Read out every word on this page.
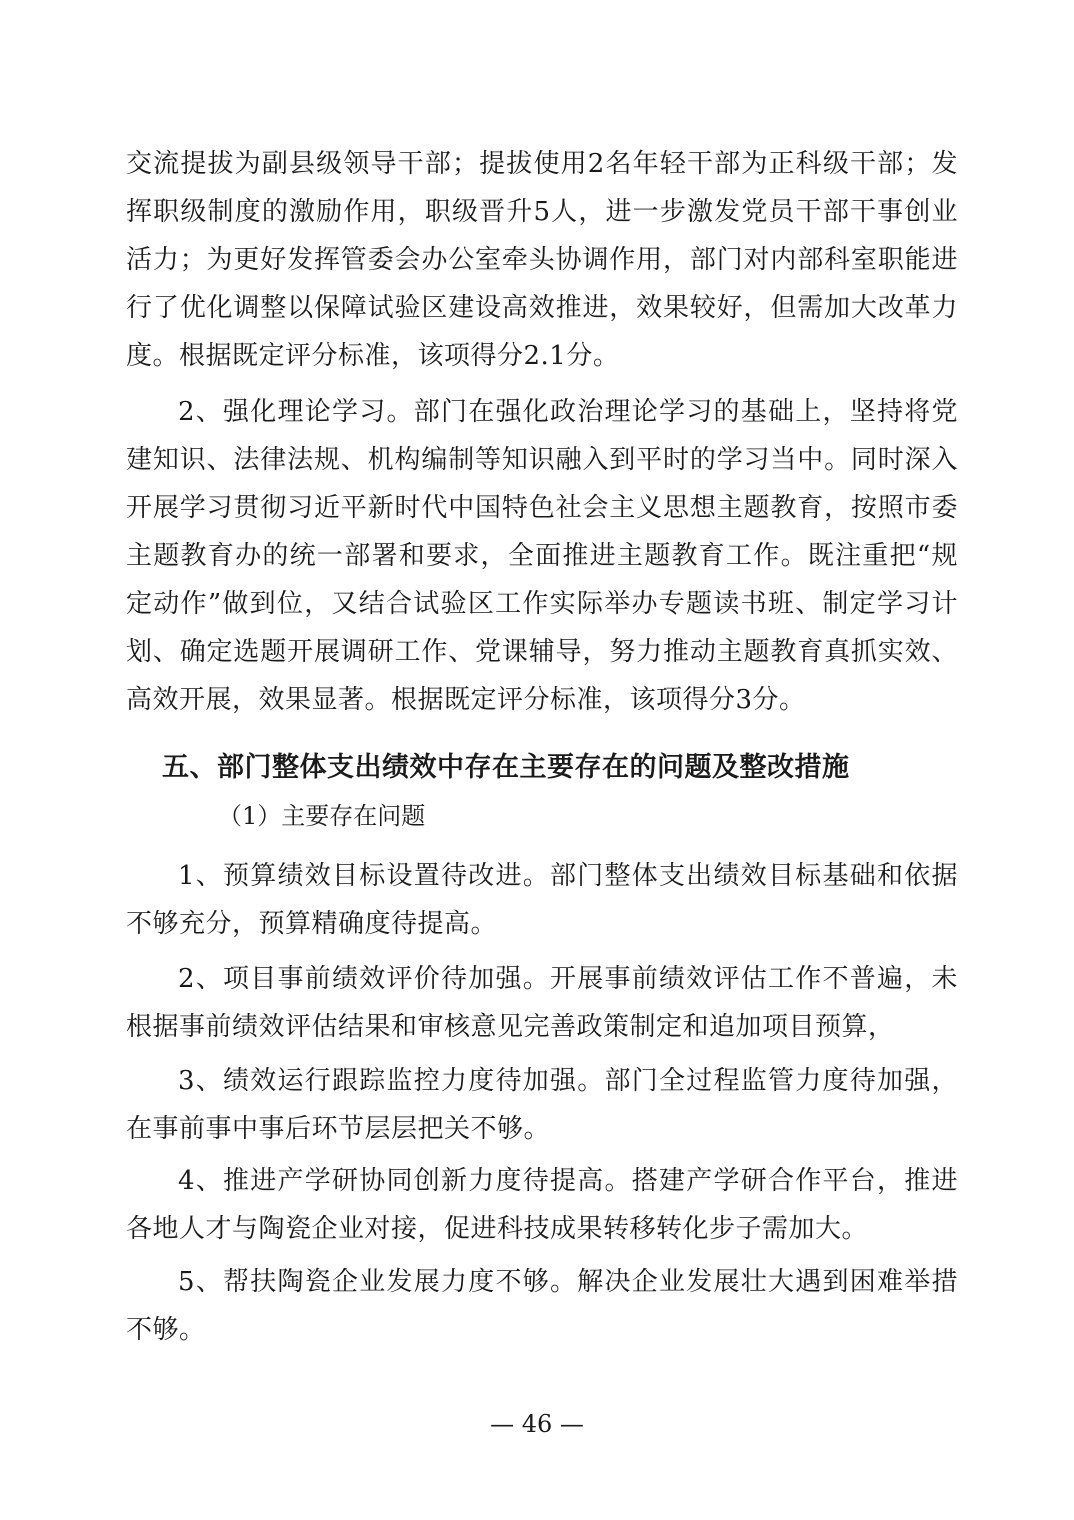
交流提拔为副县级领导干部；提拔使用2名年轻干部为正科级干部；发挥职级制度的激励作用，职级晋升5人，进一步激发党员干部干事创业活力；为更好发挥管委会办公室牵头协调作用，部门对内部科室职能进行了优化调整以保障试验区建设高效推进，效果较好，但需加大改革力度。根据既定评分标准，该项得分2.1分。

2、强化理论学习。部门在强化政治理论学习的基础上，坚持将党建知识、法律法规、机构编制等知识融入到平时的学习当中。同时深入开展学习贯彻习近平新时代中国特色社会主义思想主题教育，按照市委主题教育办的统一部署和要求，全面推进主题教育工作。既注重把“规定动作”做到位，又结合试验区工作实际举办专题读书班、制定学习计划、确定选题开展调研工作、党课辅导，努力推动主题教育真抓实效、高效开展，效果显著。根据既定评分标准，该项得分3分。

五、部门整体支出绩效中存在主要存在的问题及整改措施

（1）主要存在问题

1、预算绩效目标设置待改进。部门整体支出绩效目标基础和依据不够充分，预算精确度待提高。

2、项目事前绩效评价待加强。开展事前绩效评估工作不普遍，未根据事前绩效评估结果和审核意见完善政策制定和追加项目预算，

3、绩效运行跟踪监控力度待加强。部门全过程监管力度待加强，在事前事中事后环节层层把关不够。

4、推进产学研协同创新力度待提高。搭建产学研合作平台，推进各地人才与陶瓷企业对接，促进科技成果转移转化步子需加大。

5、帮扶陶瓷企业发展力度不够。解决企业发展壮大遇到困难举措不够。

— 46 —
